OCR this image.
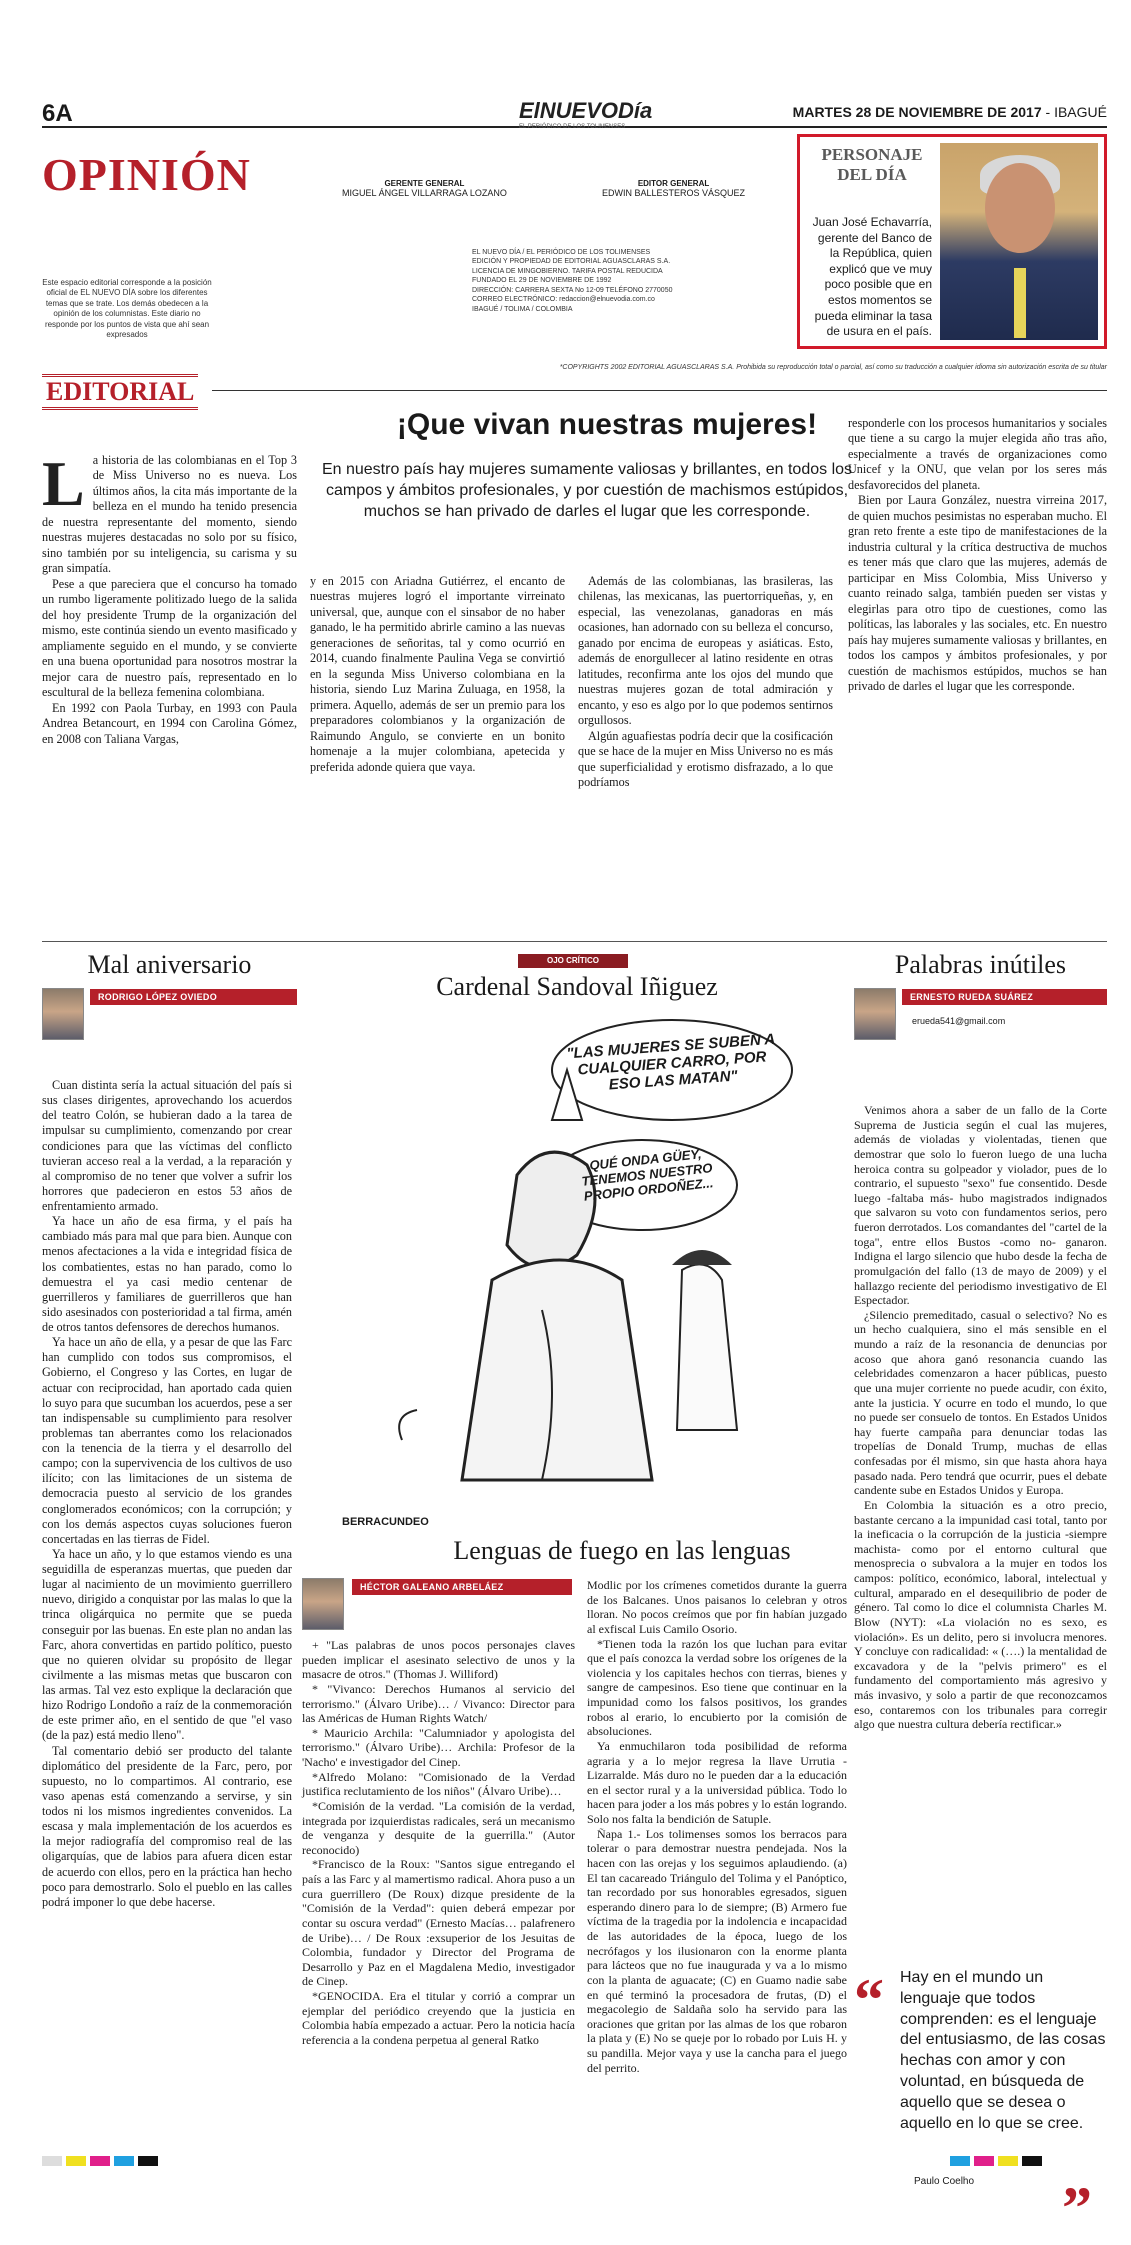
6A	ElNUEVODía
EL PERIÓDICO DE LOS TOLIMENSES
MARTES 28 DE NOVIEMBRE DE 2017 - IBAGUÉ
OPINIÓN
Este espacio editorial corresponde a la posición oficial de EL NUEVO DÍA sobre los diferentes temas que se trate. Los demás obedecen a la opinión de los columnistas. Este diario no responde por los puntos de vista que ahí sean expresados
GERENTE GENERAL
MIGUEL ÁNGEL VILLARRAGA LOZANO
EDITOR GENERAL
EDWIN BALLESTEROS VÁSQUEZ
EL NUEVO DÍA / EL PERIÓDICO DE LOS TOLIMENSES
EDICIÓN Y PROPIEDAD DE EDITORIAL AGUASCLARAS S.A.
LICENCIA DE MINGOBIERNO. TARIFA POSTAL REDUCIDA
FUNDADO EL 29 DE NOVIEMBRE DE 1992
DIRECCIÓN: CARRERA SEXTA No 12-09 TELÉFONO 2770050
CORREO ELECTRÓNICO: redaccion@elnuevodia.com.co
IBAGUÉ / TOLIMA / COLOMBIA
PERSONAJE DEL DÍA

Juan José Echavarría, gerente del Banco de la República, quien explicó que ve muy poco posible que en estos momentos se pueda eliminar la tasa de usura en el país.

*COPYRIGHTS 2002 EDITORIAL AGUASCLARAS S.A. Prohibida su reproducción total o parcial, así como su traducción a cualquier idioma sin autorización escrita de su titular
EDITORIAL
¡Que vivan nuestras mujeres!
En nuestro país hay mujeres sumamente valiosas y brillantes, en todos los campos y ámbitos profesionales, y por cuestión de machismos estúpidos, muchos se han privado de darles el lugar que les corresponde.

La historia de las colombianas en el Top 3 de Miss Universo no es nueva. Los últimos años, la cita más importante de la belleza en el mundo ha tenido presencia de nuestra representante del momento, siendo nuestras mujeres destacadas no solo por su físico, sino también por su inteligencia, su carisma y su gran simpatía.

Pese a que pareciera que el concurso ha tomado un rumbo ligeramente politizado luego de la salida del hoy presidente Trump de la organización del mismo, este continúa siendo un evento masificado y ampliamente seguido en el mundo, y se convierte en una buena oportunidad para nosotros mostrar la mejor cara de nuestro país, representado en lo escultural de la belleza femenina colombiana.

En 1992 con Paola Turbay, en 1993 con Paula Andrea Betancourt, en 1994 con Carolina Gómez, en 2008 con Taliana Vargas,

y en 2015 con Ariadna Gutiérrez, el encanto de nuestras mujeres logró el importante virreinato universal, que, aunque con el sinsabor de no haber ganado, le ha permitido abrirle camino a las nuevas generaciones de señoritas, tal y como ocurrió en 2014, cuando finalmente Paulina Vega se convirtió en la segunda Miss Universo colombiana en la historia, siendo Luz Marina Zuluaga, en 1958, la primera. Aquello, además de ser un premio para los preparadores colombianos y la organización de Raimundo Angulo, se convierte en un bonito homenaje a la mujer colombiana, apetecida y preferida adonde quiera que vaya.

Además de las colombianas, las brasileras, las chilenas, las mexicanas, las puertorriqueñas, y, en especial, las venezolanas, ganadoras en más ocasiones, han adornado con su belleza el concurso, ganado por encima de europeas y asiáticas. Esto, además de enorgullecer al latino residente en otras latitudes, reconfirma ante los ojos del mundo que nuestras mujeres gozan de total admiración y encanto, y eso es algo por lo que podemos sentirnos orgullosos.

Algún aguafiestas podría decir que la cosificación que se hace de la mujer en Miss Universo no es más que superficialidad y erotismo disfrazado, a lo que podríamos

responderle con los procesos humanitarios y sociales que tiene a su cargo la mujer elegida año tras año, especialmente a través de organizaciones como Unicef y la ONU, que velan por los seres más desfavorecidos del planeta.

Bien por Laura González, nuestra virreina 2017, de quien muchos pesimistas no esperaban mucho. El gran reto frente a este tipo de manifestaciones de la industria cultural y la crítica destructiva de muchos es tener más que claro que las mujeres, además de participar en Miss Colombia, Miss Universo y cuanto reinado salga, también pueden ser vistas y elegirlas para otro tipo de cuestiones, como las políticas, las laborales y las sociales, etc. En nuestro país hay mujeres sumamente valiosas y brillantes, en todos los campos y ámbitos profesionales, y por cuestión de machismos estúpidos, muchos se han privado de darles el lugar que les corresponde.

Mal aniversario
RODRIGO LÓPEZ OVIEDO

Cuan distinta sería la actual situación del país si sus clases dirigentes, aprovechando los acuerdos del teatro Colón, se hubieran dado a la tarea de impulsar su cumplimiento, comenzando por crear condiciones para que las víctimas del conflicto tuvieran acceso real a la verdad, a la reparación y al compromiso de no tener que volver a sufrir los horrores que padecieron en estos 53 años de enfrentamiento armado.

Ya hace un año de esa firma, y el país ha cambiado más para mal que para bien. Aunque con menos afectaciones a la vida e integridad física de los combatientes, estas no han parado, como lo demuestra el ya casi medio centenar de guerrilleros y familiares de guerrilleros que han sido asesinados con posterioridad a tal firma, amén de otros tantos defensores de derechos humanos.

Ya hace un año de ella, y a pesar de que las Farc han cumplido con todos sus compromisos, el Gobierno, el Congreso y las Cortes, en lugar de actuar con reciprocidad, han aportado cada quien lo suyo para que sucumban los acuerdos, pese a ser tan indispensable su cumplimiento para resolver problemas tan aberrantes como los relacionados con la tenencia de la tierra y el desarrollo del campo; con la supervivencia de los cultivos de uso ilícito; con las limitaciones de un sistema de democracia puesto al servicio de los grandes conglomerados económicos; con la corrupción; y con los demás aspectos cuyas soluciones fueron concertadas en las tierras de Fidel.

Ya hace un año, y lo que estamos viendo es una seguidilla de esperanzas muertas, que pueden dar lugar al nacimiento de un movimiento guerrillero nuevo, dirigido a conquistar por las malas lo que la trinca oligárquica no permite que se pueda conseguir por las buenas. En este plan no andan las Farc, ahora convertidas en partido político, puesto que no quieren olvidar su propósito de llegar civilmente a las mismas metas que buscaron con las armas. Tal vez esto explique la declaración que hizo Rodrigo Londoño a raíz de la conmemoración de este primer año, en el sentido de que "el vaso (de la paz) está medio lleno".

Tal comentario debió ser producto del talante diplomático del presidente de la Farc, pero, por supuesto, no lo compartimos. Al contrario, ese vaso apenas está comenzando a servirse, y sin todos ni los mismos ingredientes convenidos. La escasa y mala implementación de los acuerdos es la mejor radiografía del compromiso real de las oligarquías, que de labios para afuera dicen estar de acuerdo con ellos, pero en la práctica han hecho poco para demostrarlo. Solo el pueblo en las calles podrá imponer lo que debe hacerse.

OJO CRÍTICO
Cardenal Sandoval Iñiguez
"LAS MUJERES SE SUBEN A CUALQUIER CARRO, POR ESO LAS MATAN"
QUÉ ONDA GÜEY, TENEMOS NUESTRO PROPIO ORDOÑEZ...
BERRACUNDEO
Lenguas de fuego en las lenguas
HÉCTOR GALEANO ARBELÁEZ

+ "Las palabras de unos pocos personajes claves pueden implicar el asesinato selectivo de unos y la masacre de otros." (Thomas J. Williford)

* "Vivanco: Derechos Humanos al servicio del terrorismo." (Álvaro Uribe)… / Vivanco: Director para las Américas de Human Rights Watch/

* Mauricio Archila: "Calumniador y apologista del terrorismo." (Álvaro Uribe)… Archila: Profesor de la 'Nacho' e investigador del Cinep.

*Alfredo Molano: "Comisionado de la Verdad justifica reclutamiento de los niños" (Álvaro Uribe)…

*Comisión de la verdad. "La comisión de la verdad, integrada por izquierdistas radicales, será un mecanismo de venganza y desquite de la guerrilla." (Autor reconocido)

*Francisco de la Roux: "Santos sigue entregando el país a las Farc y al mamertismo radical. Ahora puso a un cura guerrillero (De Roux) dizque presidente de la "Comisión de la Verdad": quien deberá empezar por contar su oscura verdad" (Ernesto Macías… palafrenero de Uribe)… / De Roux :exsuperior de los Jesuitas de Colombia, fundador y Director del Programa de Desarrollo y Paz en el Magdalena Medio, investigador de Cinep.

*GENOCIDA. Era el titular y corrió a comprar un ejemplar del periódico creyendo que la justicia en Colombia había empezado a actuar. Pero la noticia hacía referencia a la condena perpetua al general Ratko

Modlic por los crímenes cometidos durante la guerra de los Balcanes. Unos paisanos lo celebran y otros lloran. No pocos creímos que por fin habían juzgado al exfiscal Luis Camilo Osorio.

*Tienen toda la razón los que luchan para evitar que el país conozca la verdad sobre los orígenes de la violencia y los capitales hechos con tierras, bienes y sangre de campesinos. Eso tiene que continuar en la impunidad como los falsos positivos, los grandes robos al erario, lo encubierto por la comisión de absoluciones.

Ya enmuchilaron toda posibilidad de reforma agraria y a lo mejor regresa la llave Urrutia - Lizarralde. Más duro no le pueden dar a la educación en el sector rural y a la universidad pública. Todo lo hacen para joder a los más pobres y lo están logrando. Solo nos falta la bendición de Satuple.

Ñapa 1.- Los tolimenses somos los berracos para tolerar o para demostrar nuestra pendejada. Nos la hacen con las orejas y los seguimos aplaudiendo. (a) El tan cacareado Triángulo del Tolima y el Panóptico, tan recordado por sus honorables egresados, siguen esperando dinero para lo de siempre; (B) Armero fue víctima de la tragedia por la indolencia e incapacidad de las autoridades de la época, luego de los necrófagos y los ilusionaron con la enorme planta para lácteos que no fue inaugurada y va a lo mismo con la planta de aguacate; (C) en Guamo nadie sabe en qué terminó la procesadora de frutas, (D) el megacolegio de Saldaña solo ha servido para las oraciones que gritan por las almas de los que robaron la plata y (E) No se queje por lo robado por Luis H. y su pandilla. Mejor vaya y use la cancha para el juego del perrito.

Palabras inútiles
ERNESTO RUEDA SUÁREZ
erueda541@gmail.com

Venimos ahora a saber de un fallo de la Corte Suprema de Justicia según el cual las mujeres, además de violadas y violentadas, tienen que demostrar que solo lo fueron luego de una lucha heroica contra su golpeador y violador, pues de lo contrario, el supuesto "sexo" fue consentido. Desde luego -faltaba más- hubo magistrados indignados que salvaron su voto con fundamentos serios, pero fueron derrotados. Los comandantes del "cartel de la toga", entre ellos Bustos -como no- ganaron. Indigna el largo silencio que hubo desde la fecha de promulgación del fallo (13 de mayo de 2009) y el hallazgo reciente del periodismo investigativo de El Espectador.

¿Silencio premeditado, casual o selectivo? No es un hecho cualquiera, sino el más sensible en el mundo a raíz de la resonancia de denuncias por acoso que ahora ganó resonancia cuando las celebridades comenzaron a hacer públicas, puesto que una mujer corriente no puede acudir, con éxito, ante la justicia. Y ocurre en todo el mundo, lo que no puede ser consuelo de tontos. En Estados Unidos hay fuerte campaña para denunciar todas las tropelías de Donald Trump, muchas de ellas confesadas por él mismo, sin que hasta ahora haya pasado nada. Pero tendrá que ocurrir, pues el debate candente sube en Estados Unidos y Europa.

En Colombia la situación es a otro precio, bastante cercano a la impunidad casi total, tanto por la ineficacia o la corrupción de la justicia -siempre machista- como por el entorno cultural que menosprecia o subvalora a la mujer en todos los campos: político, económico, laboral, intelectual y cultural, amparado en el desequilibrio de poder de género. Tal como lo dice el columnista Charles M. Blow (NYT): «La violación no es sexo, es violación». Es un delito, pero si involucra menores. Y concluye con radicalidad: « (….) la mentalidad de excavadora y de la "pelvis primero" es el fundamento del comportamiento más agresivo y más invasivo, y solo a partir de que reconozcamos eso, contaremos con los tribunales para corregir algo que nuestra cultura debería rectificar.»

“ Hay en el mundo un lenguaje que todos comprenden: es el lenguaje del entusiasmo, de las cosas hechas con amor y con voluntad, en búsqueda de aquello que se desea o aquello en lo que se cree.
Paulo Coelho ”
